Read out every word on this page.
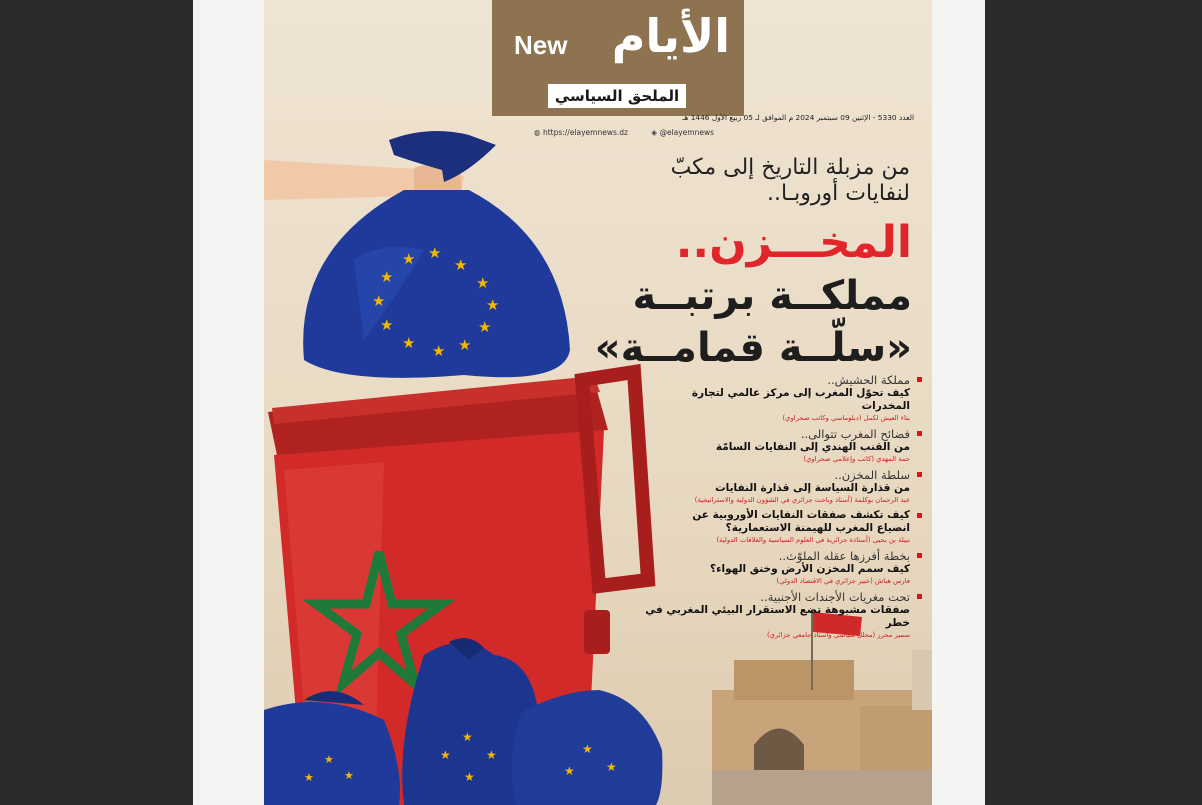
★
★
★
★
★
★
★
★
★
★
★
★
★
★
★
★
★
★
★
★
★
★
New الأيام
الملحق السياسي
العدد 5330 - الإثنين 09 سبتمبر 2024 م الموافق لـ 05 ربيع الأول 1446 هـ
◍ https://elayemnews.dz	◈ @elayemnews
من مزبلة التاريخ إلى مكبّ
لنفايات أوروبـا..
المخـــزن..
مملكــة برتبــة
«سلّــة قمامــة»
مملكة الحشيش..
كيف تحوّل المغرب إلى مركز عالمي لتجارة المخدرات
بناء العيش لكمل (دبلوماسي وكاتب صحراوي)
فضائح المغرب تتوالى..
من القنب الهندي إلى النفايات السامّة
حمة المهدي (كاتب وإعلامي صحراوي)
سلطة المخزن..
من قذارة السياسة إلى قذارة النفايات
عبد الرحمان بوكلمة (أستاذ وباحث جزائري في الشؤون الدولية والاستراتيجية)
كيف تكشف صفقات النفايات الأوروبية عن
انصياع المغرب للهيمنة الاستعمارية؟
نبيلة بن يحيى (أستاذة جزائرية في العلوم السياسية والعلاقات الدولية)
بخطة أفرزها عقله الملوّث..
كيف سمم المخزن الأرض وخنق الهواء؟
فارس هباش (خبير جزائري في الاقتصاد الدولي)
تحت مغريات الأجندات الأجنبية..
صفقات مشبوهة تضع الاستقرار البيئي المغربي في خطر
سمير محرز (محلل سياسي وأستاذ جامعي جزائري)
